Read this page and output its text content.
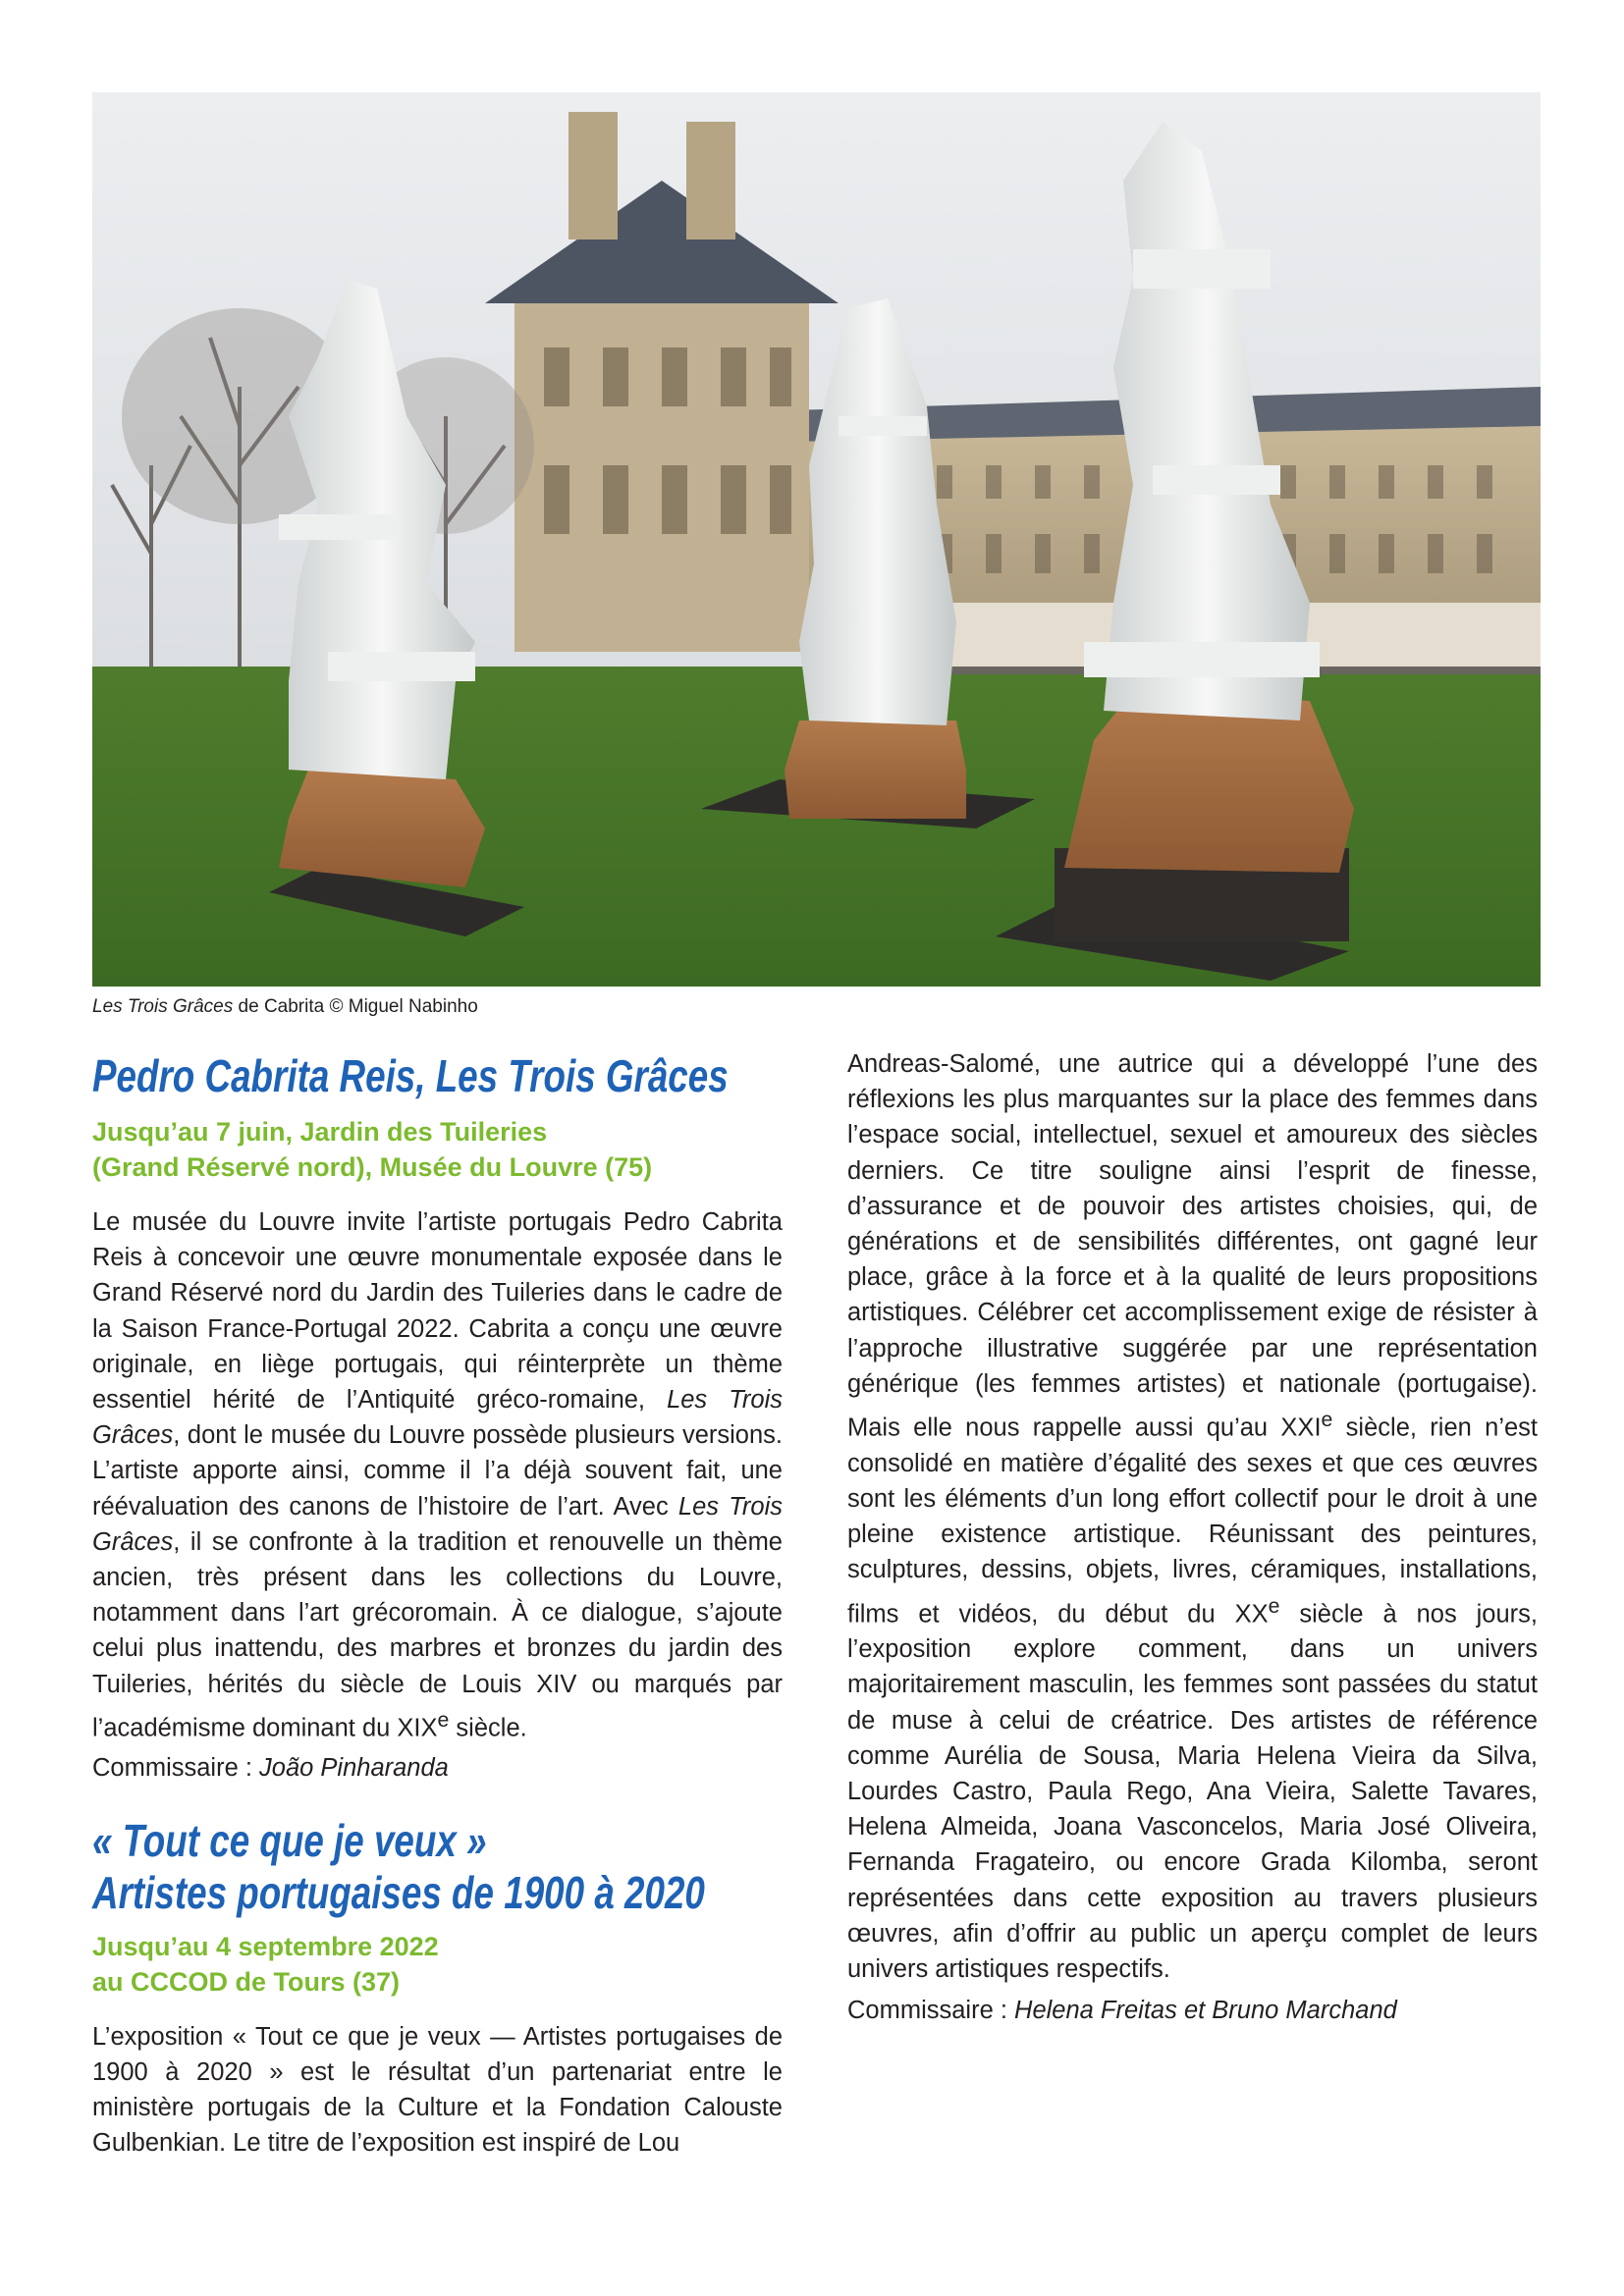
Les Trois Grâces de Cabrita © Miguel Nabinho
Pedro Cabrita Reis, Les Trois Grâces

Jusqu’au 7 juin, Jardin des Tuileries

(Grand Réservé nord), Musée du Louvre (75)

Le musée du Louvre invite l’artiste portugais Pedro Cabrita Reis à concevoir une œuvre monumentale exposée dans le Grand Réservé nord du Jardin des Tuileries dans le cadre de la Saison France-Portugal 2022. Cabrita a conçu une œuvre originale, en liège portugais, qui réinterprète un thème essentiel hérité de l’Antiquité gréco-romaine, Les Trois Grâces, dont le musée du Louvre possède plusieurs versions. L’artiste apporte ainsi, comme il l’a déjà souvent fait, une réévaluation des canons de l’histoire de l’art. Avec Les Trois Grâces, il se confronte à la tradition et renouvelle un thème ancien, très présent dans les collections du Louvre, notamment dans l’art grécoromain. À ce dialogue, s’ajoute celui plus inattendu, des marbres et bronzes du jardin des Tuileries, hérités du siècle de Louis XIV ou marqués par l’académisme dominant du XIXe siècle.

Commissaire : João Pinharanda

« Tout ce que je veux »
Artistes portugaises de 1900 à 2020

Jusqu’au 4 septembre 2022

au CCCOD de Tours (37)

L’exposition « Tout ce que je veux — Artistes portugaises de 1900 à 2020 » est le résultat d’un partenariat entre le ministère portugais de la Culture et la Fondation Calouste Gulbenkian. Le titre de l’exposition est inspiré de Lou

Andreas-Salomé, une autrice qui a développé l’une des réflexions les plus marquantes sur la place des femmes dans l’espace social, intellectuel, sexuel et amoureux des siècles derniers. Ce titre souligne ainsi l’esprit de finesse, d’assurance et de pouvoir des artistes choisies, qui, de générations et de sensibilités différentes, ont gagné leur place, grâce à la force et à la qualité de leurs propositions artistiques. Célébrer cet accomplissement exige de résister à l’approche illustrative suggérée par une représentation générique (les femmes artistes) et nationale (portugaise). Mais elle nous rappelle aussi qu’au XXIe siècle, rien n’est consolidé en matière d’égalité des sexes et que ces œuvres sont les éléments d’un long effort collectif pour le droit à une pleine existence artistique. Réunissant des peintures, sculptures, dessins, objets, livres, céramiques, installations, films et vidéos, du début du XXe siècle à nos jours, l’exposition explore comment, dans un univers majoritairement masculin, les femmes sont passées du statut de muse à celui de créatrice. Des artistes de référence comme Aurélia de Sousa, Maria Helena Vieira da Silva, Lourdes Castro, Paula Rego, Ana Vieira, Salette Tavares, Helena Almeida, Joana Vasconcelos, Maria José Oliveira, Fernanda Fragateiro, ou encore Grada Kilomba, seront représentées dans cette exposition au travers plusieurs œuvres, afin d’offrir au public un aperçu complet de leurs univers artistiques respectifs.

Commissaire : Helena Freitas et Bruno Marchand
